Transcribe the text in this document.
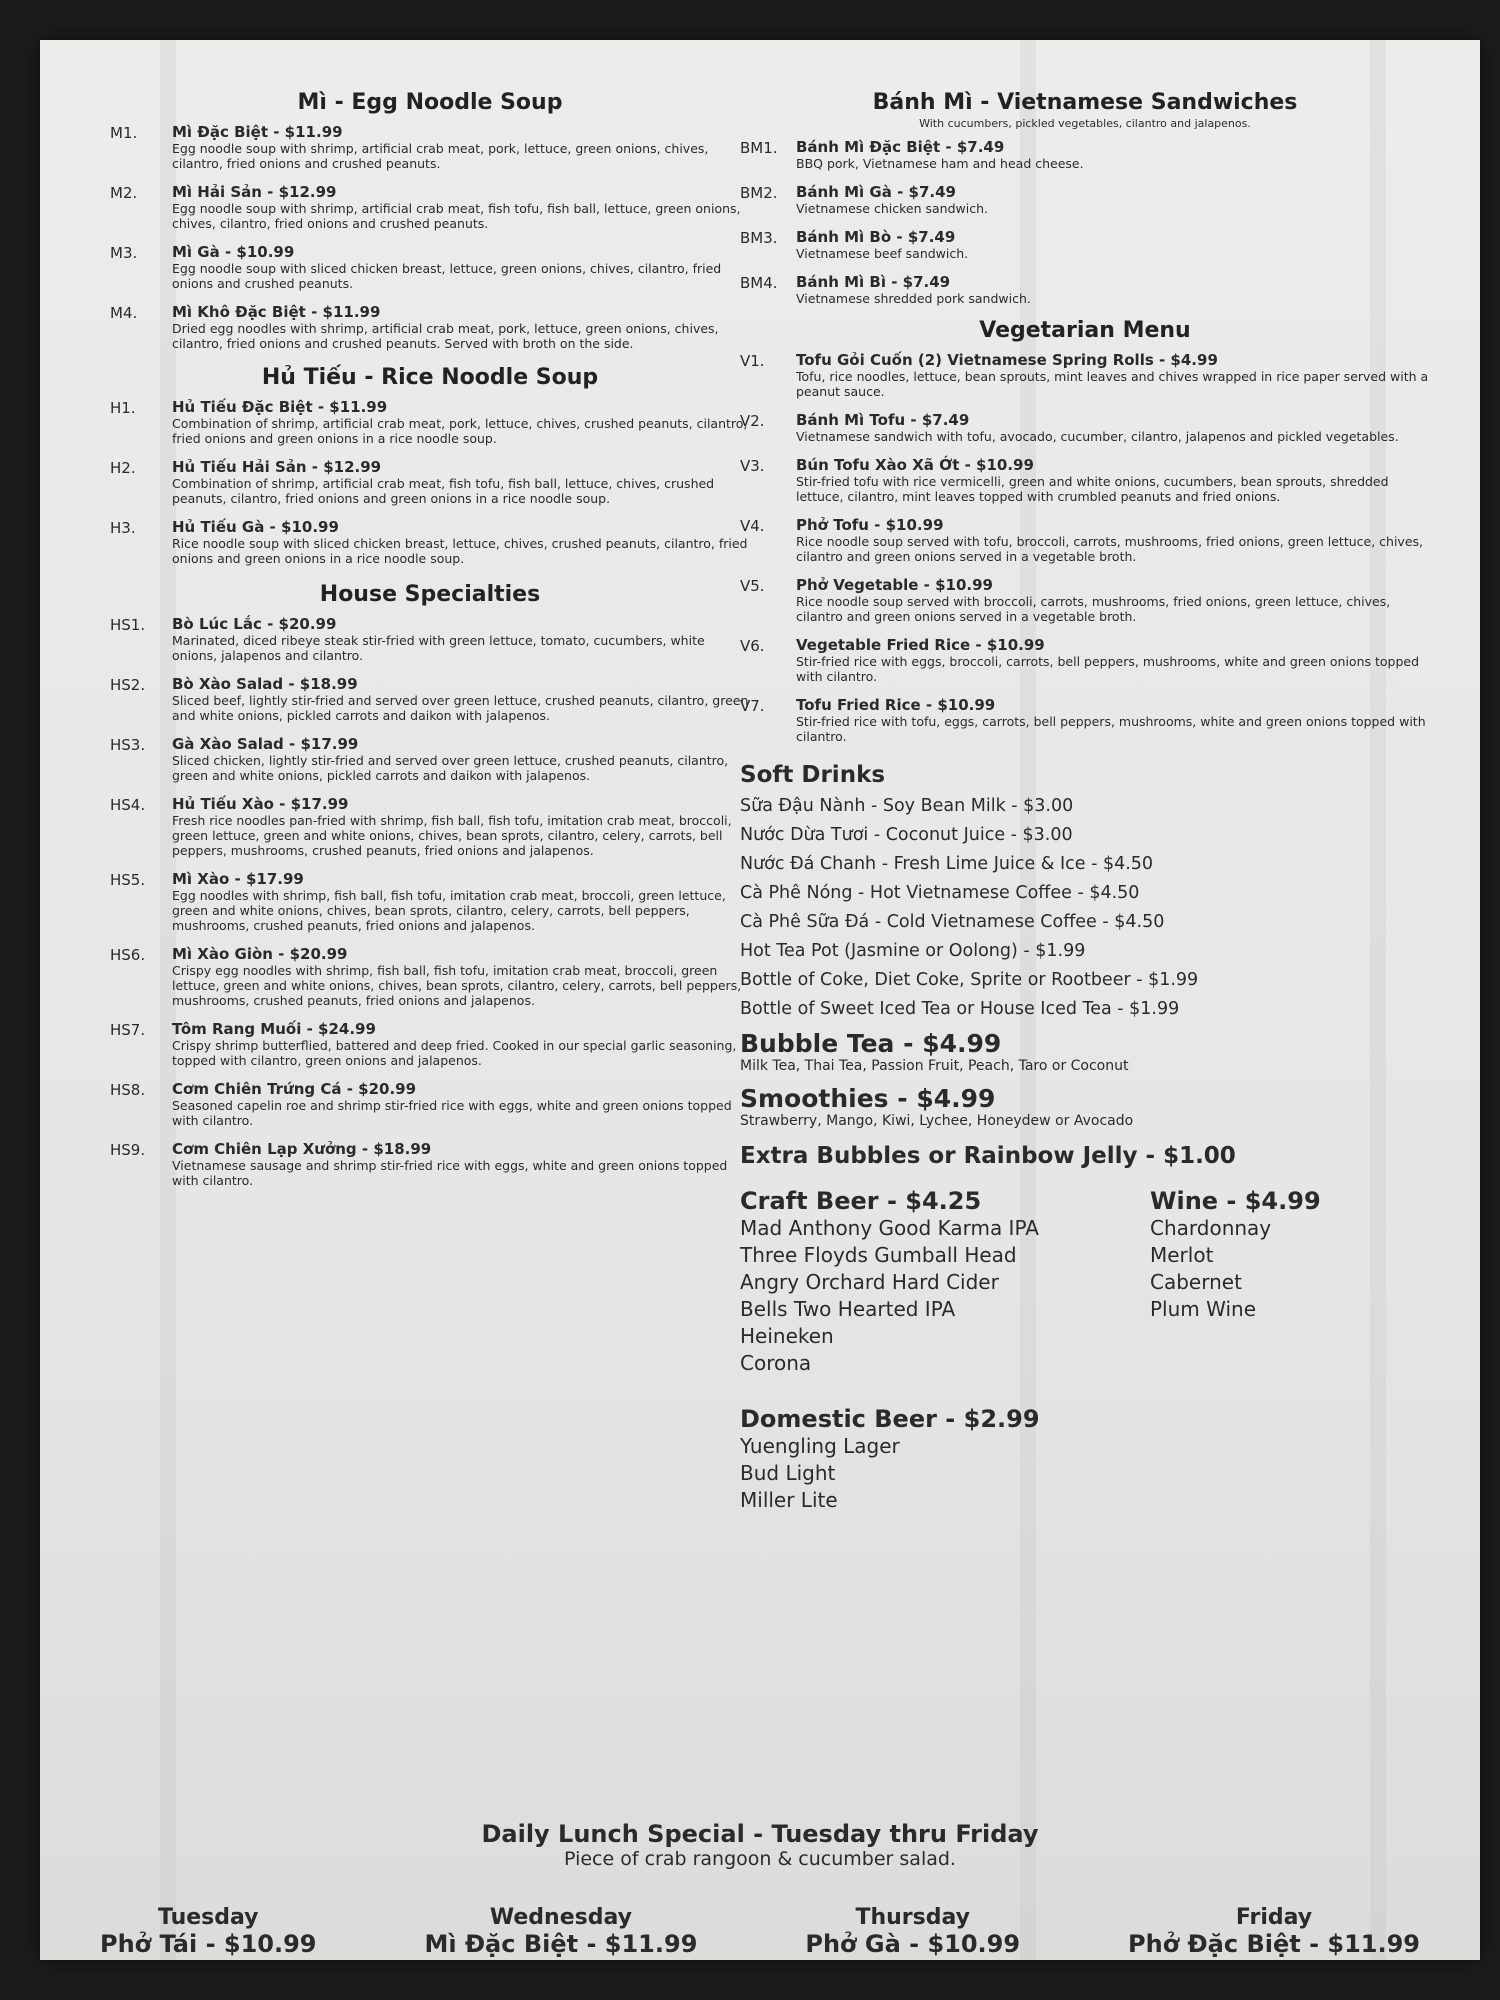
Mì - Egg Noodle Soup
M1.	Mì Đặc Biệt - $11.99
Egg noodle soup with shrimp, artificial crab meat, pork, lettuce, green onions, chives, cilantro, fried onions and crushed peanuts.
M2.	Mì Hải Sản - $12.99
Egg noodle soup with shrimp, artificial crab meat, fish tofu, fish ball, lettuce, green onions, chives, cilantro, fried onions and crushed peanuts.
M3.	Mì Gà - $10.99
Egg noodle soup with sliced chicken breast, lettuce, green onions, chives, cilantro, fried onions and crushed peanuts.
M4.	Mì Khô Đặc Biệt - $11.99
Dried egg noodles with shrimp, artificial crab meat, pork, lettuce, green onions, chives, cilantro, fried onions and crushed peanuts. Served with broth on the side.
Hủ Tiếu - Rice Noodle Soup
H1.	Hủ Tiếu Đặc Biệt - $11.99
Combination of shrimp, artificial crab meat, pork, lettuce, chives, crushed peanuts, cilantro, fried onions and green onions in a rice noodle soup.
H2.	Hủ Tiếu Hải Sản - $12.99
Combination of shrimp, artificial crab meat, fish tofu, fish ball, lettuce, chives, crushed peanuts, cilantro, fried onions and green onions in a rice noodle soup.
H3.	Hủ Tiếu Gà - $10.99
Rice noodle soup with sliced chicken breast, lettuce, chives, crushed peanuts, cilantro, fried onions and green onions in a rice noodle soup.
House Specialties
HS1.	Bò Lúc Lắc - $20.99
Marinated, diced ribeye steak stir-fried with green lettuce, tomato, cucumbers, white onions, jalapenos and cilantro.
HS2.	Bò Xào Salad - $18.99
Sliced beef, lightly stir-fried and served over green lettuce, crushed peanuts, cilantro, green and white onions, pickled carrots and daikon with jalapenos.
HS3.	Gà Xào Salad - $17.99
Sliced chicken, lightly stir-fried and served over green lettuce, crushed peanuts, cilantro, green and white onions, pickled carrots and daikon with jalapenos.
HS4.	Hủ Tiếu Xào - $17.99
Fresh rice noodles pan-fried with shrimp, fish ball, fish tofu, imitation crab meat, broccoli, green lettuce, green and white onions, chives, bean sprots, cilantro, celery, carrots, bell peppers, mushrooms, crushed peanuts, fried onions and jalapenos.
HS5.	Mì Xào - $17.99
Egg noodles with shrimp, fish ball, fish tofu, imitation crab meat, broccoli, green lettuce, green and white onions, chives, bean sprots, cilantro, celery, carrots, bell peppers, mushrooms, crushed peanuts, fried onions and jalapenos.
HS6.	Mì Xào Giòn - $20.99
Crispy egg noodles with shrimp, fish ball, fish tofu, imitation crab meat, broccoli, green lettuce, green and white onions, chives, bean sprots, cilantro, celery, carrots, bell peppers, mushrooms, crushed peanuts, fried onions and jalapenos.
HS7.	Tôm Rang Muối - $24.99
Crispy shrimp butterflied, battered and deep fried. Cooked in our special garlic seasoning, topped with cilantro, green onions and jalapenos.
HS8.	Cơm Chiên Trứng Cá - $20.99
Seasoned capelin roe and shrimp stir-fried rice with eggs, white and green onions topped with cilantro.
HS9.	Cơm Chiên Lạp Xưởng - $18.99
Vietnamese sausage and shrimp stir-fried rice with eggs, white and green onions topped with cilantro.
Bánh Mì - Vietnamese Sandwiches
With cucumbers, pickled vegetables, cilantro and jalapenos.
BM1.	Bánh Mì Đặc Biệt - $7.49
BBQ pork, Vietnamese ham and head cheese.
BM2.	Bánh Mì Gà - $7.49
Vietnamese chicken sandwich.
BM3.	Bánh Mì Bò - $7.49
Vietnamese beef sandwich.
BM4.	Bánh Mì Bì - $7.49
Vietnamese shredded pork sandwich.
Vegetarian Menu
V1.	Tofu Gỏi Cuốn (2) Vietnamese Spring Rolls - $4.99
Tofu, rice noodles, lettuce, bean sprouts, mint leaves and chives wrapped in rice paper served with a peanut sauce.
V2.	Bánh Mì Tofu - $7.49
Vietnamese sandwich with tofu, avocado, cucumber, cilantro, jalapenos and pickled vegetables.
V3.	Bún Tofu Xào Xã Ớt - $10.99
Stir-fried tofu with rice vermicelli, green and white onions, cucumbers, bean sprouts, shredded lettuce, cilantro, mint leaves topped with crumbled peanuts and fried onions.
V4.	Phở Tofu - $10.99
Rice noodle soup served with tofu, broccoli, carrots, mushrooms, fried onions, green lettuce, chives, cilantro and green onions served in a vegetable broth.
V5.	Phở Vegetable - $10.99
Rice noodle soup served with broccoli, carrots, mushrooms, fried onions, green lettuce, chives, cilantro and green onions served in a vegetable broth.
V6.	Vegetable Fried Rice - $10.99
Stir-fried rice with eggs, broccoli, carrots, bell peppers, mushrooms, white and green onions topped with cilantro.
V7.	Tofu Fried Rice - $10.99
Stir-fried rice with tofu, eggs, carrots, bell peppers, mushrooms, white and green onions topped with cilantro.
Soft Drinks
Sữa Đậu Nành - Soy Bean Milk - $3.00
Nước Dừa Tươi - Coconut Juice - $3.00
Nước Đá Chanh - Fresh Lime Juice & Ice - $4.50
Cà Phê Nóng - Hot Vietnamese Coffee - $4.50
Cà Phê Sữa Đá - Cold Vietnamese Coffee - $4.50
Hot Tea Pot (Jasmine or Oolong) - $1.99
Bottle of Coke, Diet Coke, Sprite or Rootbeer - $1.99
Bottle of Sweet Iced Tea or House Iced Tea - $1.99
Bubble Tea - $4.99
Milk Tea, Thai Tea, Passion Fruit, Peach, Taro or Coconut
Smoothies - $4.99
Strawberry, Mango, Kiwi, Lychee, Honeydew or Avocado
Extra Bubbles or Rainbow Jelly - $1.00
Craft Beer - $4.25
Mad Anthony Good Karma IPA
Three Floyds Gumball Head
Angry Orchard Hard Cider
Bells Two Hearted IPA
Heineken
Corona
Domestic Beer - $2.99
Yuengling Lager
Bud Light
Miller Lite
Wine - $4.99
Chardonnay
Merlot
Cabernet
Plum Wine
Daily Lunch Special - Tuesday thru Friday
Piece of crab rangoon & cucumber salad.
Tuesday
Phở Tái - $10.99
Wednesday
Mì Đặc Biệt - $11.99
Thursday
Phở Gà - $10.99
Friday
Phở Đặc Biệt - $11.99
